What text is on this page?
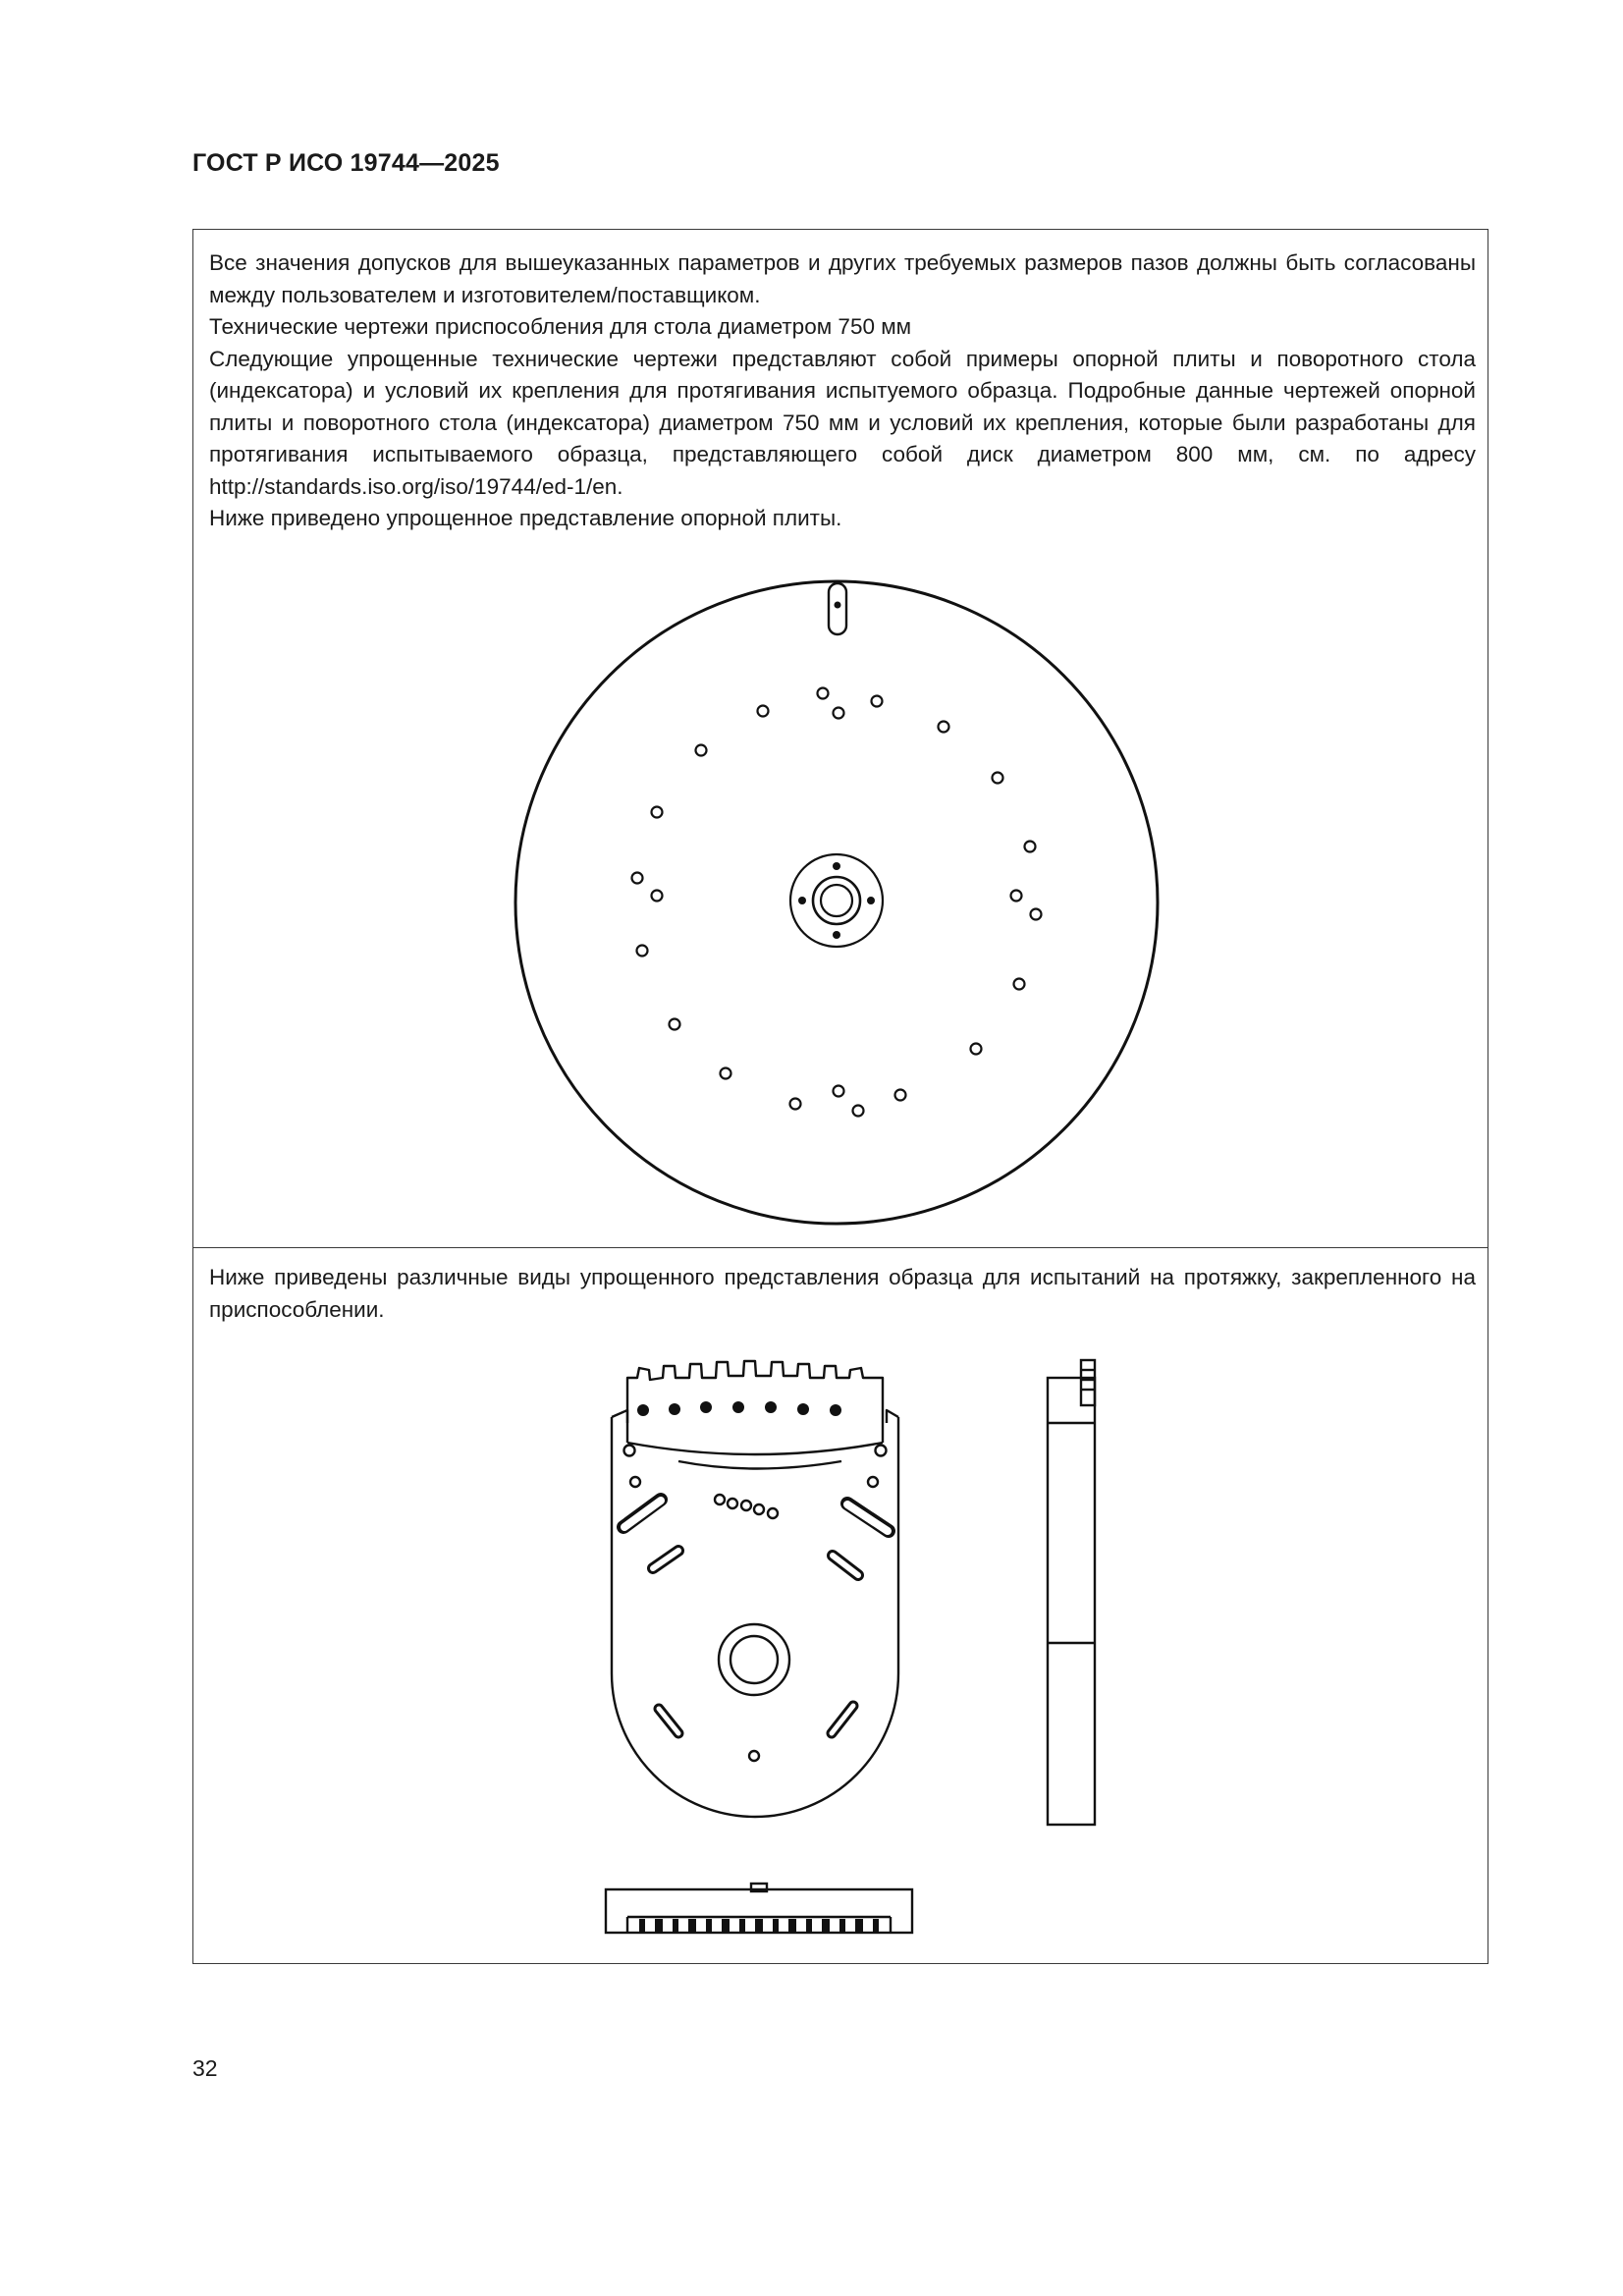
ГОСТ Р ИСО 19744—2025

Все значения допусков для вышеуказанных параметров и других требуемых размеров пазов должны быть согласованы между пользователем и изготовителем/поставщиком.

Технические чертежи приспособления для стола диаметром 750 мм

Следующие упрощенные технические чертежи представляют собой примеры опорной плиты и поворотного стола (индексатора) и условий их крепления для протягивания испытуемого образца. Подробные данные чертежей опорной плиты и поворотного стола (индексатора) диаметром 750 мм и условий их крепления, которые были разработаны для протягивания испытываемого образца, представляющего собой диск диаметром 800 мм, см. по адресу http://standards.iso.org/iso/19744/ed-1/en.

Ниже приведено упрощенное представление опорной плиты.

Ниже приведены различные виды упрощенного представления образца для испытаний на протяжку, закрепленного на приспособлении.

32
